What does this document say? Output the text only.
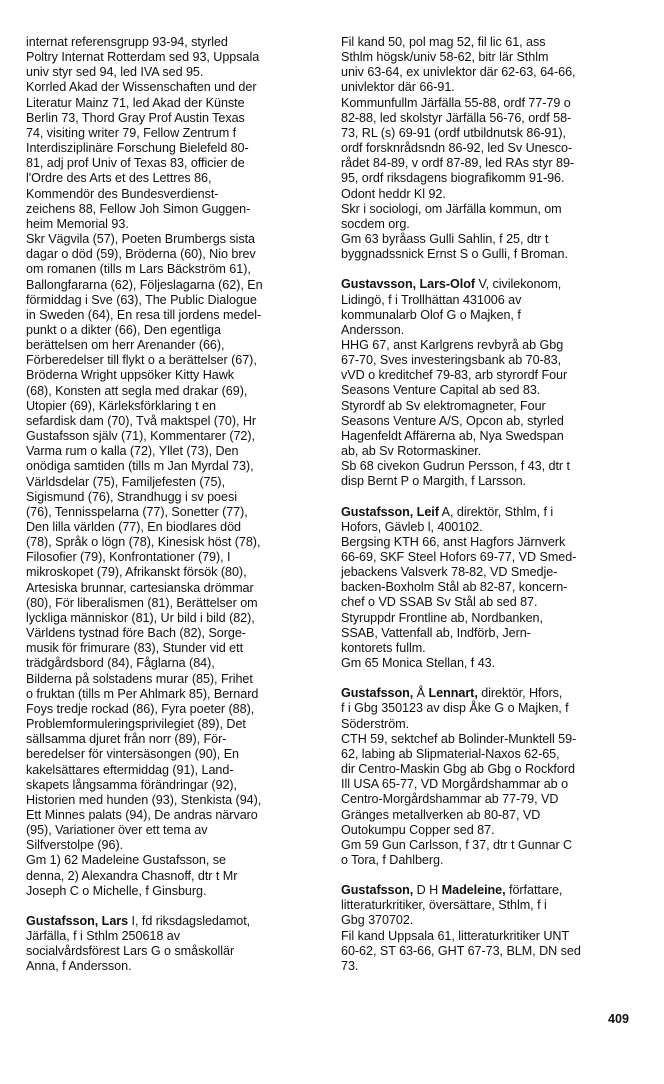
internat referensgrupp 93-94, styrled
Poltry Internat Rotterdam sed 93, Uppsala
univ styr sed 94, led IVA sed 95.
Korrled Akad der Wissenschaften und der
Literatur Mainz 71, led Akad der Künste
Berlin 73, Thord Gray Prof Austin Texas
74, visiting writer 79, Fellow Zentrum f
Interdisziplinäre Forschung Bielefeld 80-
81, adj prof Univ of Texas 83, officier de
l'Ordre des Arts et des Lettres 86,
Kommendör des Bundesverdienst-
zeichens 88, Fellow Joh Simon Guggen-
heim Memorial 93.
Skr Vägvila (57), Poeten Brumbergs sista
dagar o död (59), Bröderna (60), Nio brev
om romanen (tills m Lars Bäckström 61),
Ballongfararna (62), Följeslagarna (62), En
förmiddag i Sve (63), The Public Dialogue
in Sweden (64), En resa till jordens medel-
punkt o a dikter (66), Den egentliga
berättelsen om herr Arenander (66),
Förberedelser till flykt o a berättelser (67),
Bröderna Wright uppsöker Kitty Hawk
(68), Konsten att segla med drakar (69),
Utopier (69), Kärleksförklaring t en
sefardisk dam (70), Två maktspel (70), Hr
Gustafsson själv (71), Kommentarer (72),
Varma rum o kalla (72), Yllet (73), Den
onödiga samtiden (tills m Jan Myrdal 73),
Världsdelar (75), Familjefesten (75),
Sigismund (76), Strandhugg i sv poesi
(76), Tennisspelarna (77), Sonetter (77),
Den lilla världen (77), En biodlares död
(78), Språk o lögn (78), Kinesisk höst (78),
Filosofier (79), Konfrontationer (79), I
mikroskopet (79), Afrikanskt försök (80),
Artesiska brunnar, cartesianska drömmar
(80), För liberalismen (81), Berättelser om
lyckliga människor (81), Ur bild i bild (82),
Världens tystnad före Bach (82), Sorge-
musik för frimurare (83), Stunder vid ett
trädgårdsbord (84), Fåglarna (84),
Bilderna på solstadens murar (85), Frihet
o fruktan (tills m Per Ahlmark 85), Bernard
Foys tredje rockad (86), Fyra poeter (88),
Problemformuleringsprivilegiet (89), Det
sällsamma djuret från norr (89), För-
beredelser för vintersäsongen (90), En
kakelsättares eftermiddag (91), Land-
skapets långsamma förändringar (92),
Historien med hunden (93), Stenkista (94),
Ett Minnes palats (94), De andras närvaro
(95), Variationer över ett tema av
Silfverstolpe (96).
Gm 1) 62 Madeleine Gustafsson, se
denna, 2) Alexandra Chasnoff, dtr t Mr
Joseph C o Michelle, f Ginsburg.
Gustafsson, Lars I, fd riksdagsledamot,
Järfälla, f i Sthlm 250618 av
socialvårdsförest Lars G o småskollär
Anna, f Andersson.
Fil kand 50, pol mag 52, fil lic 61, ass
Sthlm högsk/univ 58-62, bitr lär Sthlm
univ 63-64, ex univlektor där 62-63, 64-66,
univlektor där 66-91.
Kommunfullm Järfälla 55-88, ordf 77-79 o
82-88, led skolstyr Järfälla 56-76, ordf 58-
73, RL (s) 69-91 (ordf utbildnutsk 86-91),
ordf forsknrådsndn 86-92, led Sv Unesco-
rådet 84-89, v ordf 87-89, led RAs styr 89-
95, ordf riksdagens biografikomm 91-96.
Odont heddr Kl 92.
Skr i sociologi, om Järfälla kommun, om
socdem org.
Gm 63 byråass Gulli Sahlin, f 25, dtr t
byggnadssnick Ernst S o Gulli, f Broman.
Gustavsson, Lars-Olof V, civilekonom,
Lidingö, f i Trollhättan 431006 av
kommunalarb Olof G o Majken, f
Andersson.
HHG 67, anst Karlgrens revbyrå ab Gbg
67-70, Sves investeringsbank ab 70-83,
vVD o kreditchef 79-83, arb styrordf Four
Seasons Venture Capital ab sed 83.
Styrordf ab Sv elektromagneter, Four
Seasons Venture A/S, Opcon ab, styrled
Hagenfeldt Affärerna ab, Nya Swedspan
ab, ab Sv Rotormaskiner.
Sb 68 civekon Gudrun Persson, f 43, dtr t
disp Bernt P o Margith, f Larsson.
Gustafsson, Leif A, direktör, Sthlm, f i
Hofors, Gävleb l, 400102.
Bergsing KTH 66, anst Hagfors Järnverk
66-69, SKF Steel Hofors 69-77, VD Smed-
jebackens Valsverk 78-82, VD Smedje-
backen-Boxholm Stål ab 82-87, koncern-
chef o VD SSAB Sv Stål ab sed 87.
Styruppdr Frontline ab, Nordbanken,
SSAB, Vattenfall ab, Indförb, Jern-
kontorets fullm.
Gm 65 Monica Stellan, f 43.
Gustafsson, Å Lennart, direktör, Hfors,
f i Gbg 350123 av disp Åke G o Majken, f
Söderström.
CTH 59, sektchef ab Bolinder-Munktell 59-
62, labing ab Slipmaterial-Naxos 62-65,
dir Centro-Maskin Gbg ab Gbg o Rockford
Ill USA 65-77, VD Morgårdshammar ab o
Centro-Morgårdshammar ab 77-79, VD
Gränges metallverken ab 80-87, VD
Outokumpu Copper sed 87.
Gm 59 Gun Carlsson, f 37, dtr t Gunnar C
o Tora, f Dahlberg.
Gustafsson, D H Madeleine, författare,
litteraturkritiker, översättare, Sthlm, f i
Gbg 370702.
Fil kand Uppsala 61, litteraturkritiker UNT
60-62, ST 63-66, GHT 67-73, BLM, DN sed
73.
409
